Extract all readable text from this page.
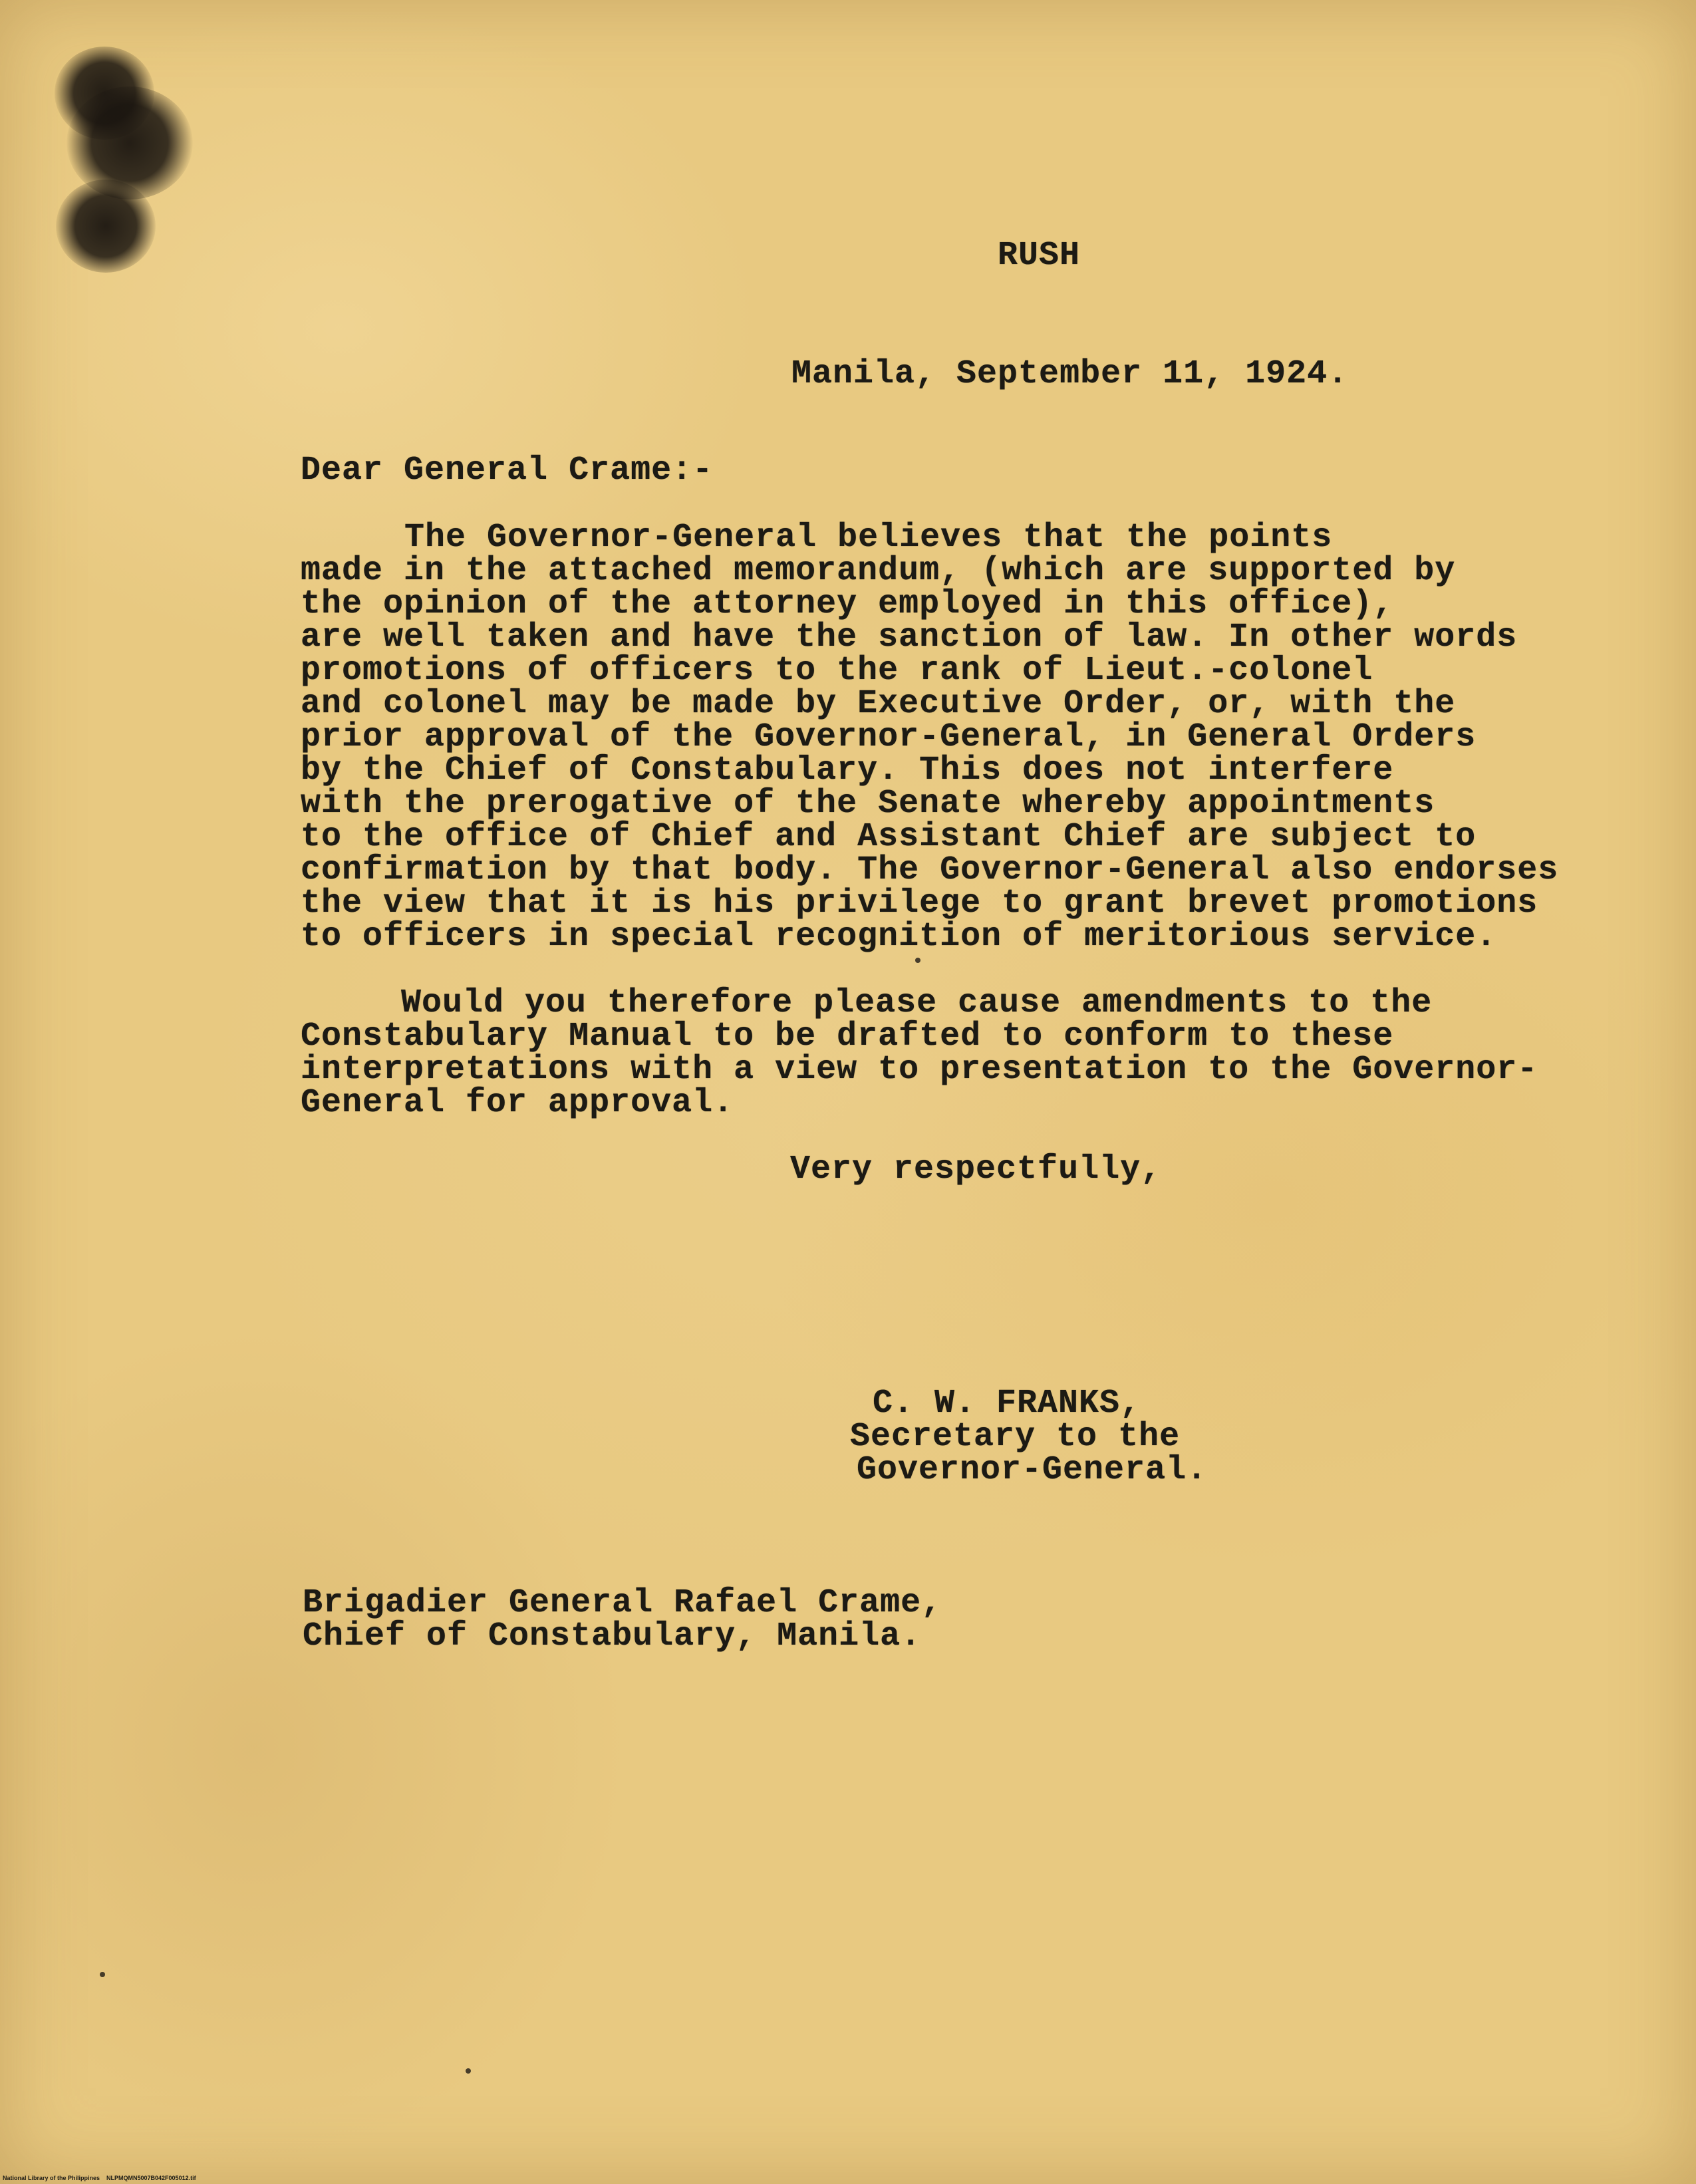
RUSH
Manila, September 11, 1924.
Dear General Crame:-
The Governor-General believes that the points
made in the attached memorandum, (which are supported by
the opinion of the attorney employed in this office),
are well taken and have the sanction of law. In other words
promotions of officers to the rank of Lieut.-colonel
and colonel may be made by Executive Order, or, with the
prior approval of the Governor-General, in General Orders
by the Chief of Constabulary. This does not interfere
with the prerogative of the Senate whereby appointments
to the office of Chief and Assistant Chief are subject to
confirmation by that body. The Governor-General also endorses
the view that it is his privilege to grant brevet promotions
to officers in special recognition of meritorious service.
Would you therefore please cause amendments to the
Constabulary Manual to be drafted to conform to these
interpretations with a view to presentation to the Governor-
General for approval.
Very respectfully,
C. W. FRANKS,
Secretary to the
Governor-General.
Brigadier General Rafael Crame,
Chief of Constabulary, Manila.
National Library of the Philippines    NLPMQMN5007B042F005012.tif
